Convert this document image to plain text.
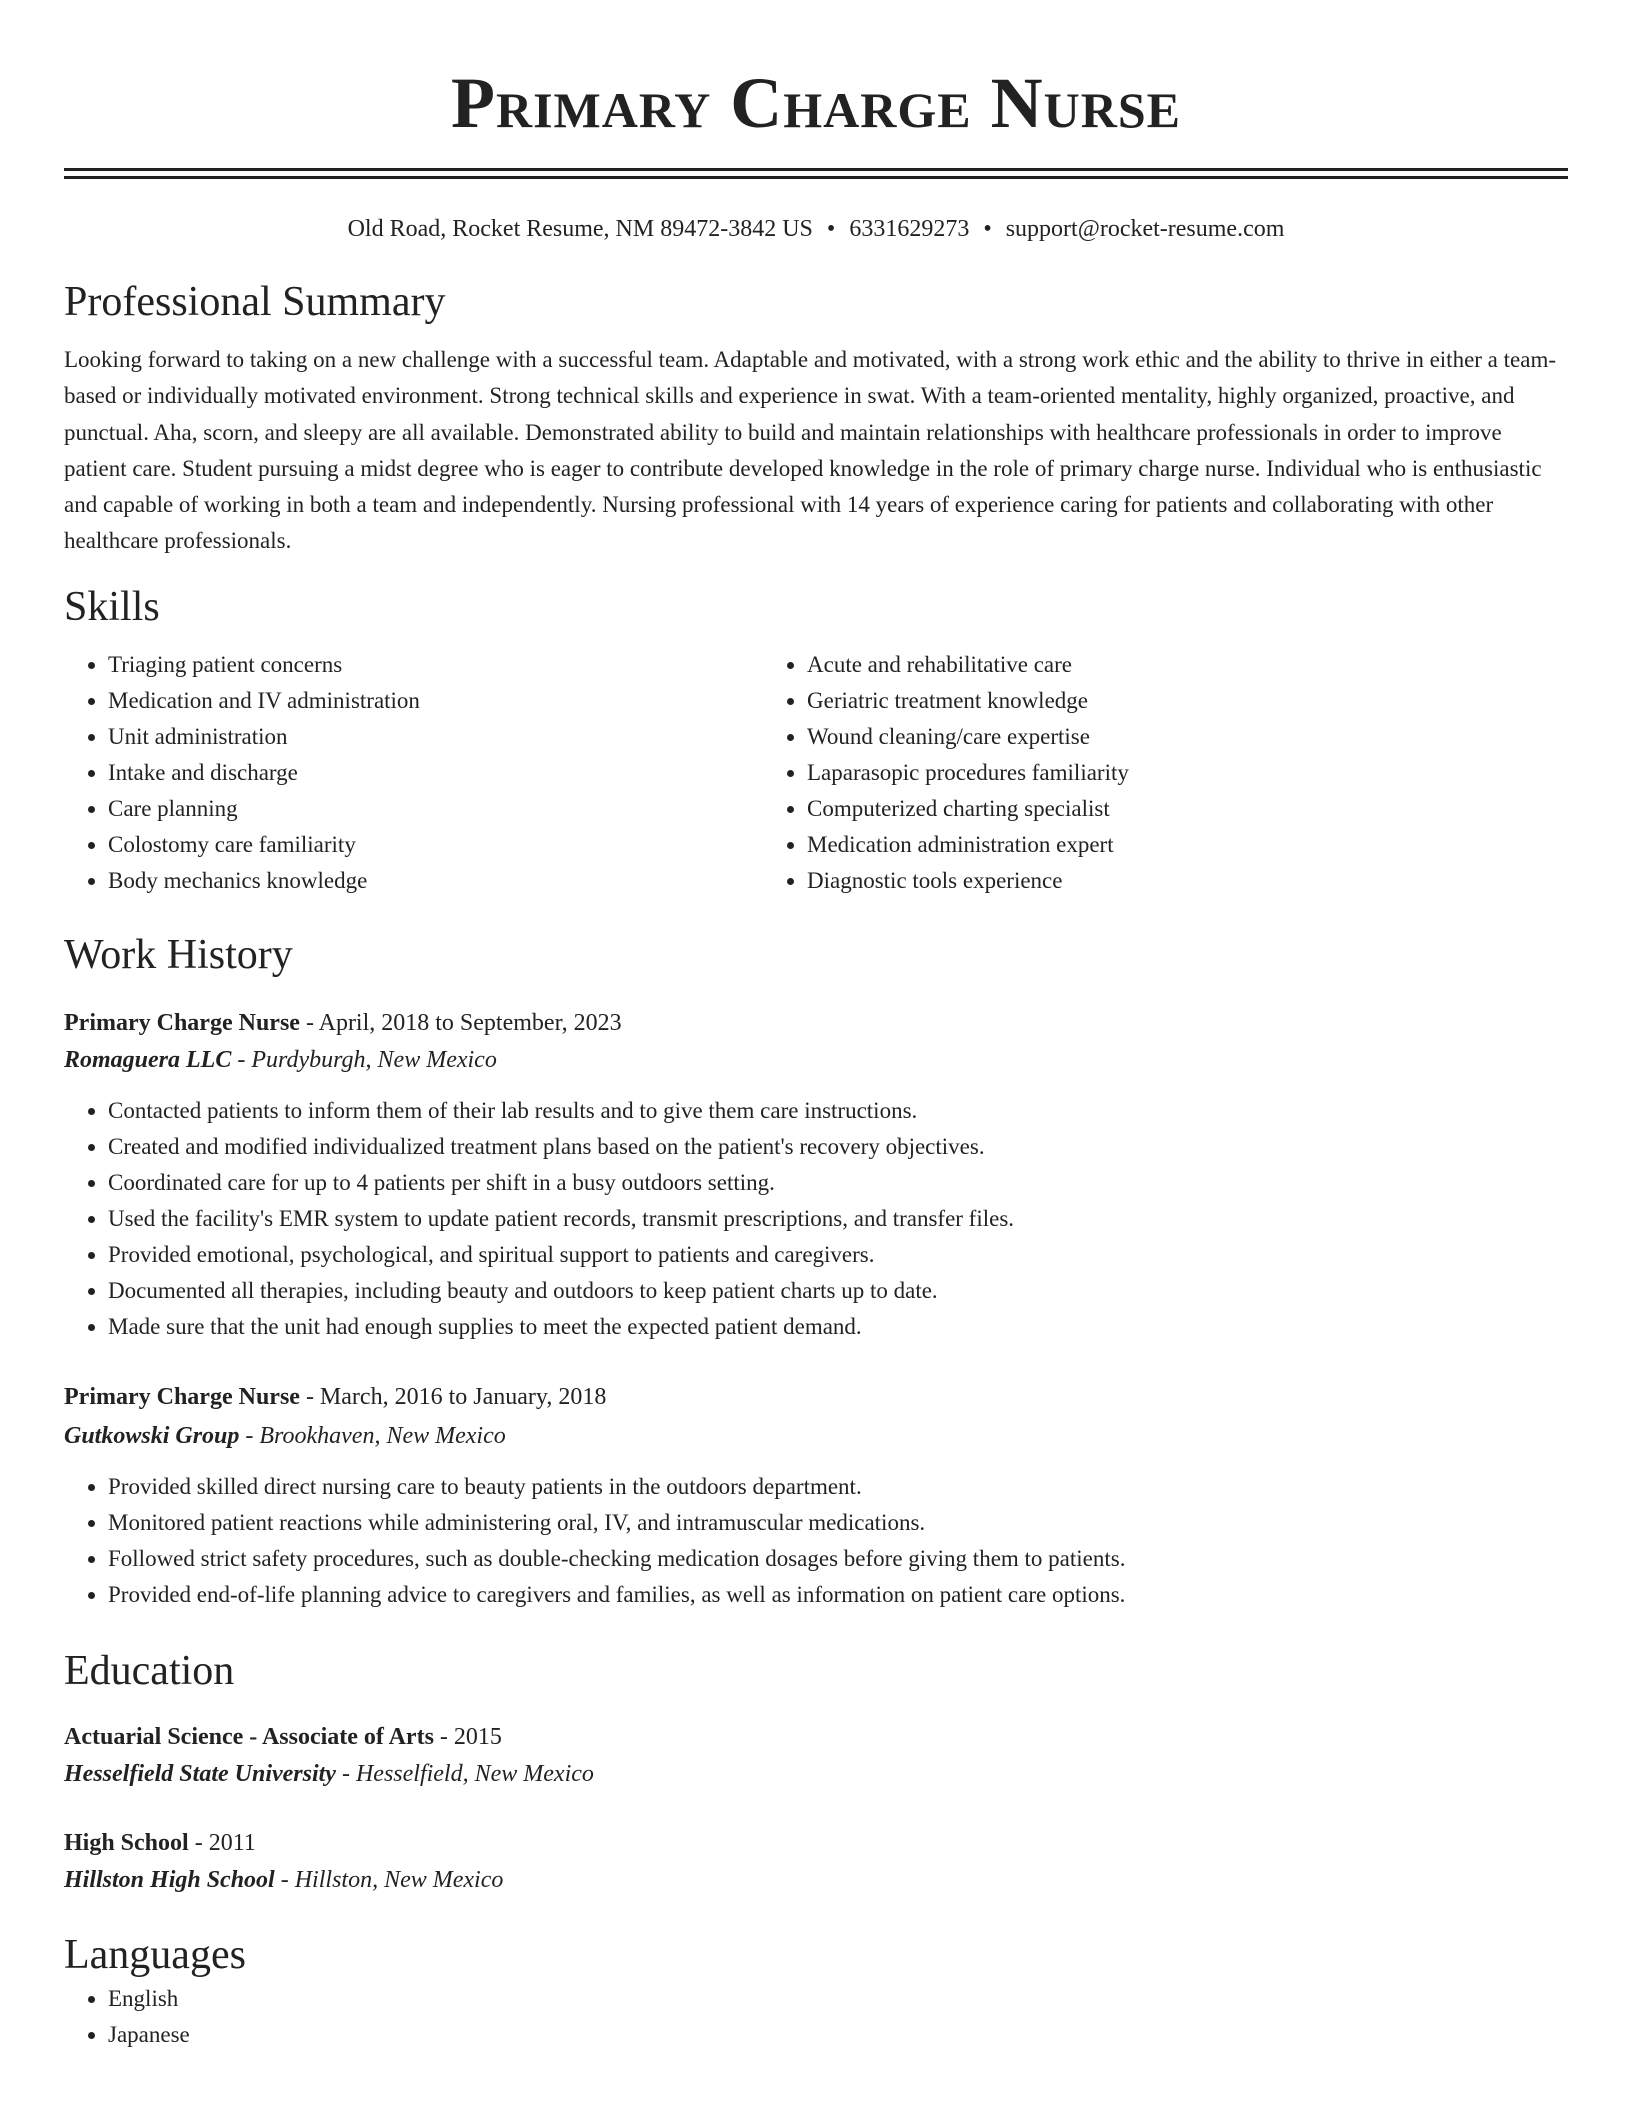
Primary Charge Nurse
Old Road, Rocket Resume, NM 89472-3842 US • 6331629273 • support@rocket-resume.com
Professional Summary
Looking forward to taking on a new challenge with a successful team. Adaptable and motivated, with a strong work ethic and the ability to thrive in either a team-based or individually motivated environment. Strong technical skills and experience in swat. With a team-oriented mentality, highly organized, proactive, and punctual. Aha, scorn, and sleepy are all available. Demonstrated ability to build and maintain relationships with healthcare professionals in order to improve patient care. Student pursuing a midst degree who is eager to contribute developed knowledge in the role of primary charge nurse. Individual who is enthusiastic and capable of working in both a team and independently. Nursing professional with 14 years of experience caring for patients and collaborating with other healthcare professionals.
Skills
• Triaging patient concerns
• Medication and IV administration
• Unit administration
• Intake and discharge
• Care planning
• Colostomy care familiarity
• Body mechanics knowledge
• Acute and rehabilitative care
• Geriatric treatment knowledge
• Wound cleaning/care expertise
• Laparasopic procedures familiarity
• Computerized charting specialist
• Medication administration expert
• Diagnostic tools experience
Work History
Primary Charge Nurse - April, 2018 to September, 2023
Romaguera LLC - Purdyburgh, New Mexico
• Contacted patients to inform them of their lab results and to give them care instructions.
• Created and modified individualized treatment plans based on the patient's recovery objectives.
• Coordinated care for up to 4 patients per shift in a busy outdoors setting.
• Used the facility's EMR system to update patient records, transmit prescriptions, and transfer files.
• Provided emotional, psychological, and spiritual support to patients and caregivers.
• Documented all therapies, including beauty and outdoors to keep patient charts up to date.
• Made sure that the unit had enough supplies to meet the expected patient demand.
Primary Charge Nurse - March, 2016 to January, 2018
Gutkowski Group - Brookhaven, New Mexico
• Provided skilled direct nursing care to beauty patients in the outdoors department.
• Monitored patient reactions while administering oral, IV, and intramuscular medications.
• Followed strict safety procedures, such as double-checking medication dosages before giving them to patients.
• Provided end-of-life planning advice to caregivers and families, as well as information on patient care options.
Education
Actuarial Science - Associate of Arts - 2015
Hesselfield State University - Hesselfield, New Mexico
High School - 2011
Hillston High School - Hillston, New Mexico
Languages
• English
• Japanese
